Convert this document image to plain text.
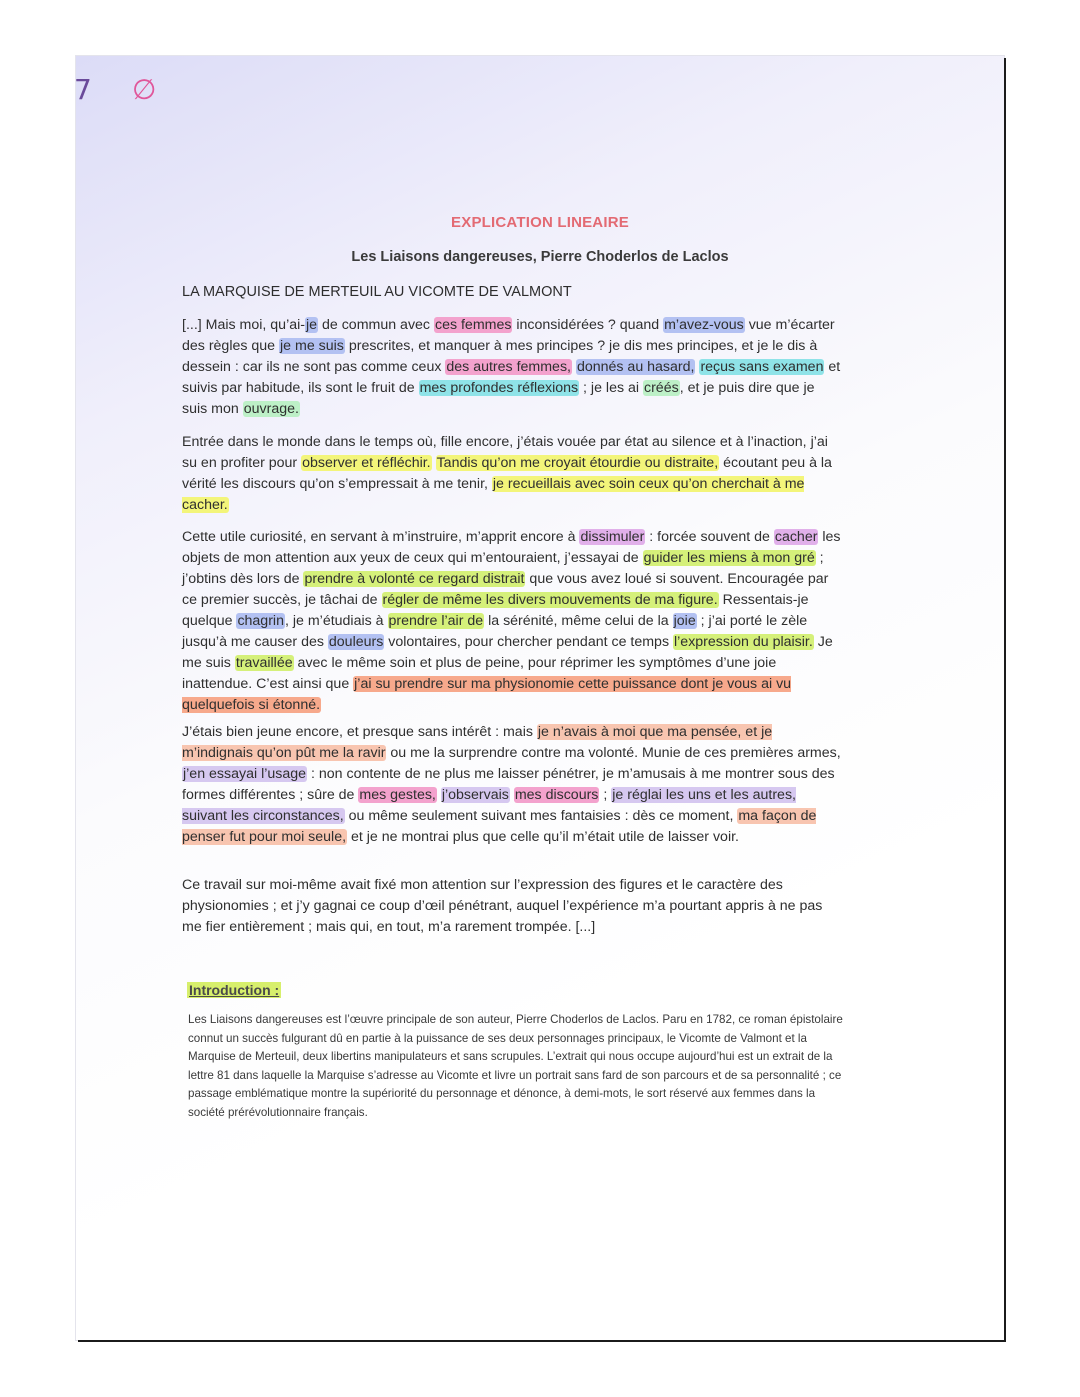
7 ∅
EXPLICATION LINEAIRE
Les Liaisons dangereuses, Pierre Choderlos de Laclos
LA MARQUISE DE MERTEUIL AU VICOMTE DE VALMONT

[...] Mais moi, qu’ai-je de commun avec ces femmes inconsidérées ? quand m’avez-vous vue m’écarter des règles que je me suis prescrites, et manquer à mes principes ? je dis mes principes, et je le dis à dessein : car ils ne sont pas comme ceux des autres femmes, donnés au hasard, reçus sans examen et suivis par habitude, ils sont le fruit de mes profondes réflexions ; je les ai créés, et je puis dire que je suis mon ouvrage.

Entrée dans le monde dans le temps où, fille encore, j’étais vouée par état au silence et à l’inaction, j’ai su en profiter pour observer et réfléchir. Tandis qu’on me croyait étourdie ou distraite, écoutant peu à la vérité les discours qu’on s’empressait à me tenir, je recueillais avec soin ceux qu’on cherchait à me cacher.

Cette utile curiosité, en servant à m’instruire, m’apprit encore à dissimuler : forcée souvent de cacher les objets de mon attention aux yeux de ceux qui m’entouraient, j’essayai de guider les miens à mon gré ; j’obtins dès lors de prendre à volonté ce regard distrait que vous avez loué si souvent. Encouragée par ce premier succès, je tâchai de régler de même les divers mouvements de ma figure. Ressentais-je quelque chagrin, je m’étudiais à prendre l’air de la sérénité, même celui de la joie ; j’ai porté le zèle jusqu’à me causer des douleurs volontaires, pour chercher pendant ce temps l’expression du plaisir. Je me suis travaillée avec le même soin et plus de peine, pour réprimer les symptômes d’une joie inattendue. C’est ainsi que j’ai su prendre sur ma physionomie cette puissance dont je vous ai vu quelquefois si étonné.

J’étais bien jeune encore, et presque sans intérêt : mais je n’avais à moi que ma pensée, et je m’indignais qu’on pût me la ravir ou me la surprendre contre ma volonté. Munie de ces premières armes, j’en essayai l’usage : non contente de ne plus me laisser pénétrer, je m’amusais à me montrer sous des formes différentes ; sûre de mes gestes, j’observais mes discours ; je réglai les uns et les autres, suivant les circonstances, ou même seulement suivant mes fantaisies : dès ce moment, ma façon de penser fut pour moi seule, et je ne montrai plus que celle qu’il m’était utile de laisser voir.

Ce travail sur moi-même avait fixé mon attention sur l’expression des figures et le caractère des physionomies ; et j’y gagnai ce coup d’œil pénétrant, auquel l’expérience m’a pourtant appris à ne pas me fier entièrement ; mais qui, en tout, m’a rarement trompée. [...]

Introduction :

Les Liaisons dangereuses est l’œuvre principale de son auteur, Pierre Choderlos de Laclos. Paru en 1782, ce roman épistolaire connut un succès fulgurant dû en partie à la puissance de ses deux personnages principaux, le Vicomte de Valmont et la Marquise de Merteuil, deux libertins manipulateurs et sans scrupules. L’extrait qui nous occupe aujourd’hui est un extrait de la lettre 81 dans laquelle la Marquise s’adresse au Vicomte et livre un portrait sans fard de son parcours et de sa personnalité ; ce passage emblématique montre la supériorité du personnage et dénonce, à demi-mots, le sort réservé aux femmes dans la société prérévolutionnaire français.
